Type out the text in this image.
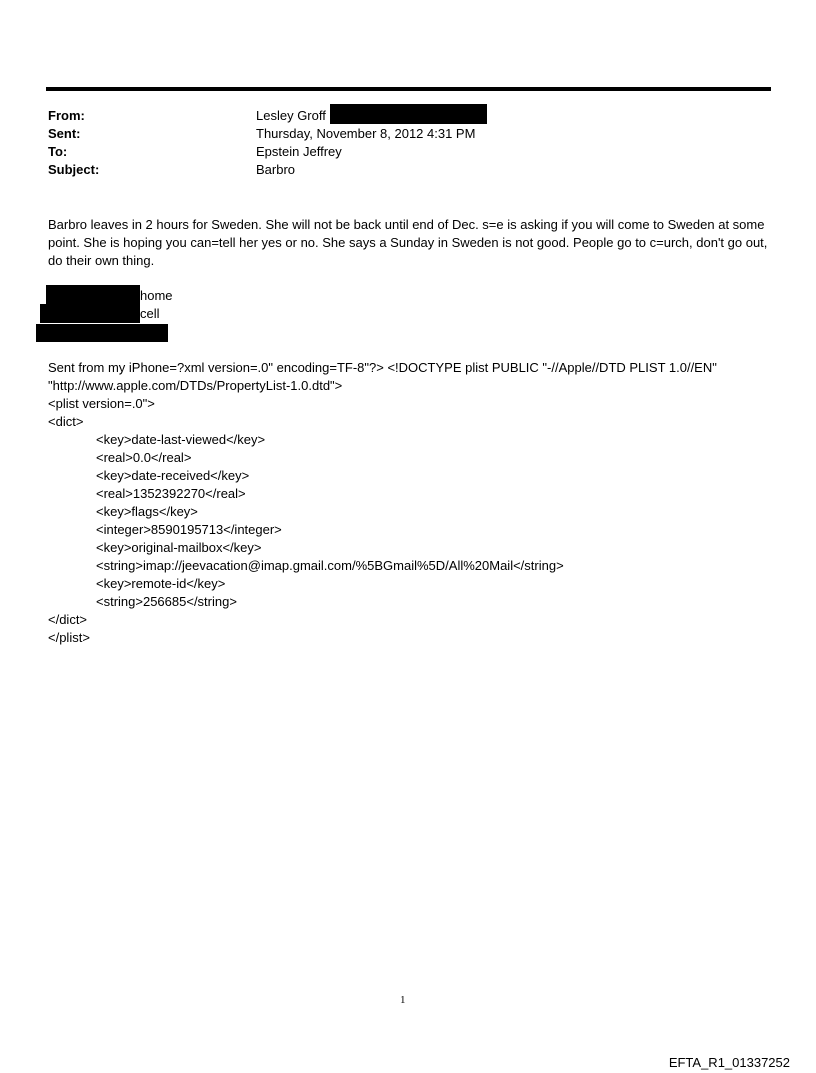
From:	Lesley Groff
Sent:	Thursday, November 8, 2012 4:31 PM
To:	Epstein Jeffrey
Subject:	Barbro
Barbro leaves in 2 hours for Sweden. She will not be back until end of Dec. s=e is asking if you will come to Sweden at some point. She is hoping you can=tell her yes or no. She says a Sunday in Sweden is not good. People go to c=urch, don't go out, do their own thing.
home
cell
Sent from my iPhone=?xml version=.0" encoding=TF-8"?> <!DOCTYPE plist PUBLIC "-//Apple//DTD PLIST 1.0//EN"
"http://www.apple.com/DTDs/PropertyList-1.0.dtd">
<plist version=.0">
<dict>
<key>date-last-viewed</key>
<real>0.0</real>
<key>date-received</key>
<real>1352392270</real>
<key>flags</key>
<integer>8590195713</integer>
<key>original-mailbox</key>
<string>imap://jeevacation@imap.gmail.com/%5BGmail%5D/All%20Mail</string>
<key>remote-id</key>
<string>256685</string>
</dict>
</plist>
1
EFTA_R1_01337252
